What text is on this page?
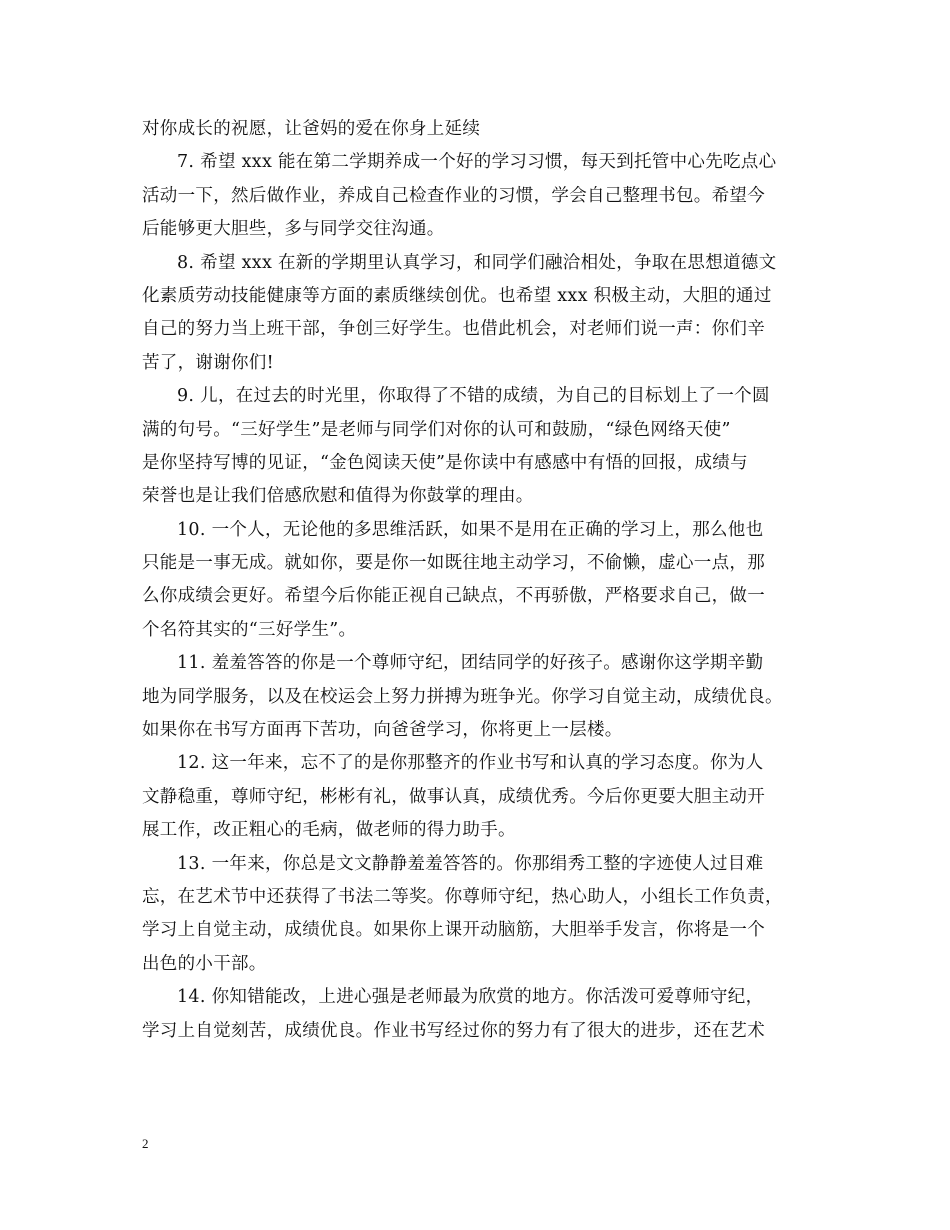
对你成长的祝愿，让爸妈的爱在你身上延续
7. 希望 xxx 能在第二学期养成一个好的学习习惯，每天到托管中心先吃点心
活动一下，然后做作业，养成自己检查作业的习惯，学会自己整理书包。希望今
后能够更大胆些，多与同学交往沟通。
8. 希望 xxx 在新的学期里认真学习，和同学们融洽相处，争取在思想道德文
化素质劳动技能健康等方面的素质继续创优。也希望 xxx 积极主动，大胆的通过
自己的努力当上班干部，争创三好学生。也借此机会，对老师们说一声：你们辛
苦了，谢谢你们!
9. 儿，在过去的时光里，你取得了不错的成绩，为自己的目标划上了一个圆
满的句号。“三好学生”是老师与同学们对你的认可和鼓励，“绿色网络天使”
是你坚持写博的见证，“金色阅读天使”是你读中有感感中有悟的回报，成绩与
荣誉也是让我们倍感欣慰和值得为你鼓掌的理由。
10. 一个人，无论他的多思维活跃，如果不是用在正确的学习上，那么他也
只能是一事无成。就如你，要是你一如既往地主动学习，不偷懒，虚心一点，那
么你成绩会更好。希望今后你能正视自己缺点，不再骄傲，严格要求自己，做一
个名符其实的“三好学生”。
11. 羞羞答答的你是一个尊师守纪，团结同学的好孩子。感谢你这学期辛勤
地为同学服务，以及在校运会上努力拼搏为班争光。你学习自觉主动，成绩优良。
如果你在书写方面再下苦功，向爸爸学习，你将更上一层楼。
12. 这一年来，忘不了的是你那整齐的作业书写和认真的学习态度。你为人
文静稳重，尊师守纪，彬彬有礼，做事认真，成绩优秀。今后你更要大胆主动开
展工作，改正粗心的毛病，做老师的得力助手。
13. 一年来，你总是文文静静羞羞答答的。你那绢秀工整的字迹使人过目难
忘，在艺术节中还获得了书法二等奖。你尊师守纪，热心助人，小组长工作负责，
学习上自觉主动，成绩优良。如果你上课开动脑筋，大胆举手发言，你将是一个
出色的小干部。
14. 你知错能改，上进心强是老师最为欣赏的地方。你活泼可爱尊师守纪，
学习上自觉刻苦，成绩优良。作业书写经过你的努力有了很大的进步，还在艺术
2
